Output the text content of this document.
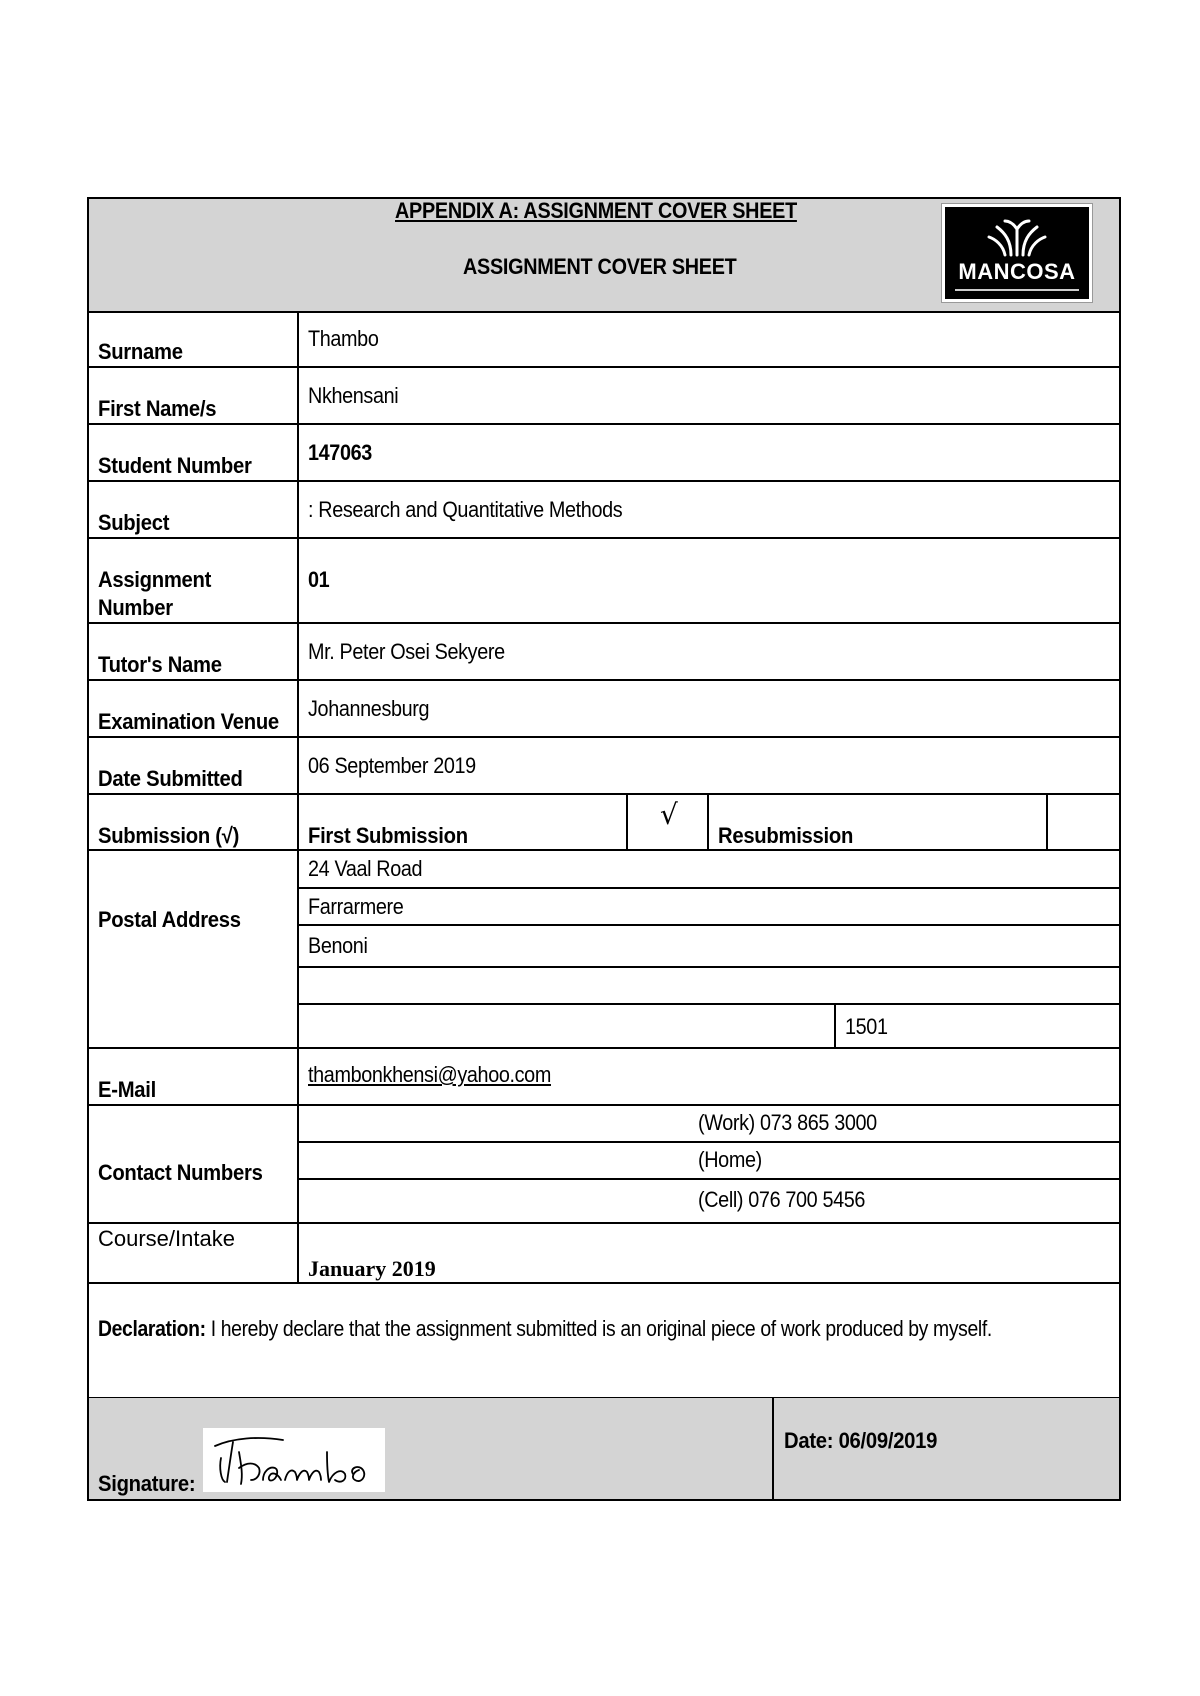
APPENDIX A: ASSIGNMENT COVER SHEET
ASSIGNMENT COVER SHEET	MANCOSA
Surname
Thambo
First Name/s
Nkhensani
Student Number
147063
Subject
: Research and Quantitative Methods
Assignment
Number
01
Tutor's Name
Mr. Peter Osei Sekyere
Examination Venue
Johannesburg
Date Submitted
06 September 2019
Submission (√)	First Submission
√
Resubmission
Postal Address
24 Vaal Road
Farrarmere
Benoni
1501
E-Mail
thambonkhensi@yahoo.com
Contact Numbers
(Work) 073 865 3000
(Home)
(Cell) 076 700 5456
Course/Intake
January 2019
Declaration: I hereby declare that the assignment submitted is an original piece of work produced by myself.
Signature:
Date: 06/09/2019
